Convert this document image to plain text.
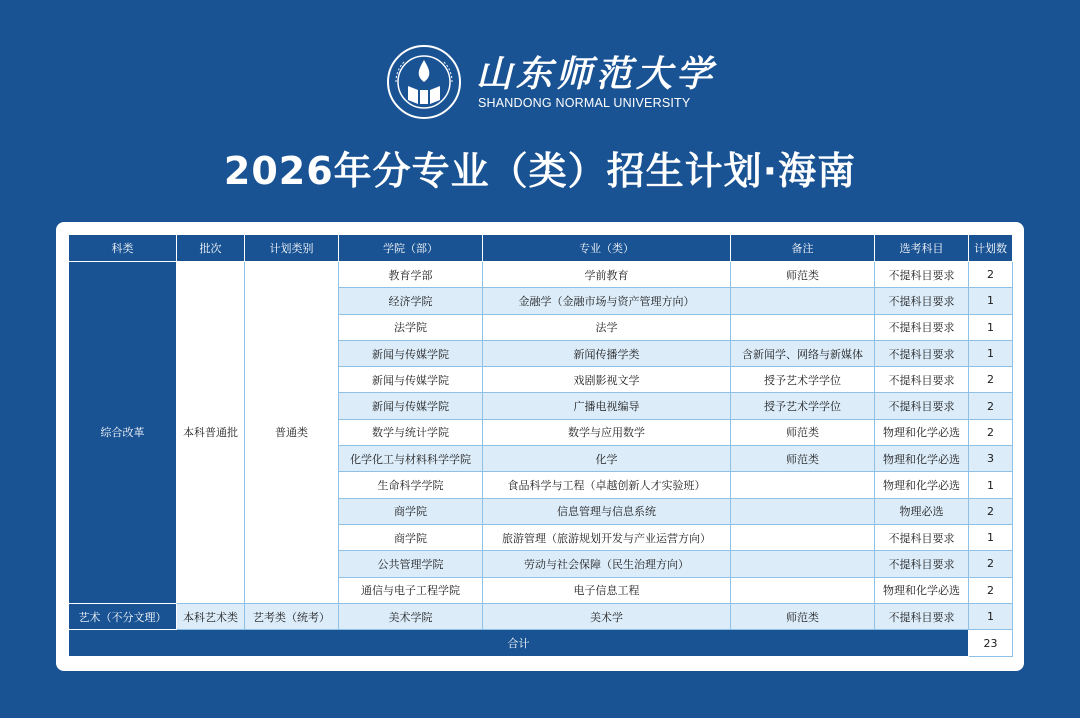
山东师范大学
SHANDONG NORMAL UNIVERSITY
2026年分专业（类）招生计划·海南
科类	批次	计划类别	学院（部）	专业（类）	备注	选考科目	计划数
综合改革	本科普通批	普通类	教育学部	学前教育	师范类	不提科目要求	2
			经济学院	金融学（金融市场与资产管理方向）		不提科目要求	1
			法学院	法学		不提科目要求	1
			新闻与传媒学院	新闻传播学类	含新闻学、网络与新媒体	不提科目要求	1
			新闻与传媒学院	戏剧影视文学	授予艺术学学位	不提科目要求	2
			新闻与传媒学院	广播电视编导	授予艺术学学位	不提科目要求	2
			数学与统计学院	数学与应用数学	师范类	物理和化学必选	2
			化学化工与材料科学学院	化学	师范类	物理和化学必选	3
			生命科学学院	食品科学与工程（卓越创新人才实验班）		物理和化学必选	1
			商学院	信息管理与信息系统		物理必选	2
			商学院	旅游管理（旅游规划开发与产业运营方向）		不提科目要求	1
			公共管理学院	劳动与社会保障（民生治理方向）		不提科目要求	2
			通信与电子工程学院	电子信息工程		物理和化学必选	2
艺术（不分文理）	本科艺术类	艺考类（统考）	美术学院	美术学	师范类	不提科目要求	1
合计							23
